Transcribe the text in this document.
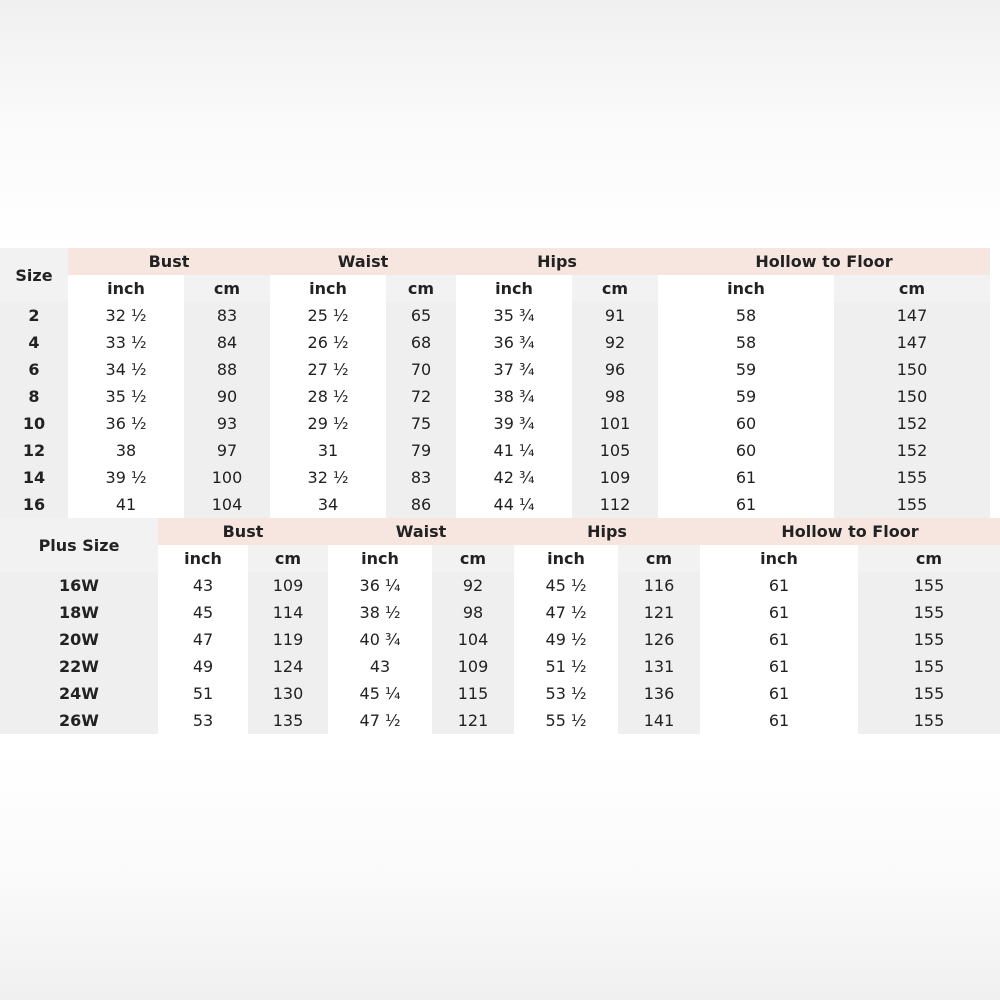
Size	Bust		Waist		Hips		Hollow to Floor	
	inch	cm	inch	cm	inch	cm	inch	cm
2	32 ½	83	25 ½	65	35 ¾	91	58	147
4	33 ½	84	26 ½	68	36 ¾	92	58	147
6	34 ½	88	27 ½	70	37 ¾	96	59	150
8	35 ½	90	28 ½	72	38 ¾	98	59	150
10	36 ½	93	29 ½	75	39 ¾	101	60	152
12	38	97	31	79	41 ¼	105	60	152
14	39 ½	100	32 ½	83	42 ¾	109	61	155
16	41	104	34	86	44 ¼	112	61	155
Plus Size	Bust		Waist		Hips		Hollow to Floor	
	inch	cm	inch	cm	inch	cm	inch	cm
16W	43	109	36 ¼	92	45 ½	116	61	155
18W	45	114	38 ½	98	47 ½	121	61	155
20W	47	119	40 ¾	104	49 ½	126	61	155
22W	49	124	43	109	51 ½	131	61	155
24W	51	130	45 ¼	115	53 ½	136	61	155
26W	53	135	47 ½	121	55 ½	141	61	155
